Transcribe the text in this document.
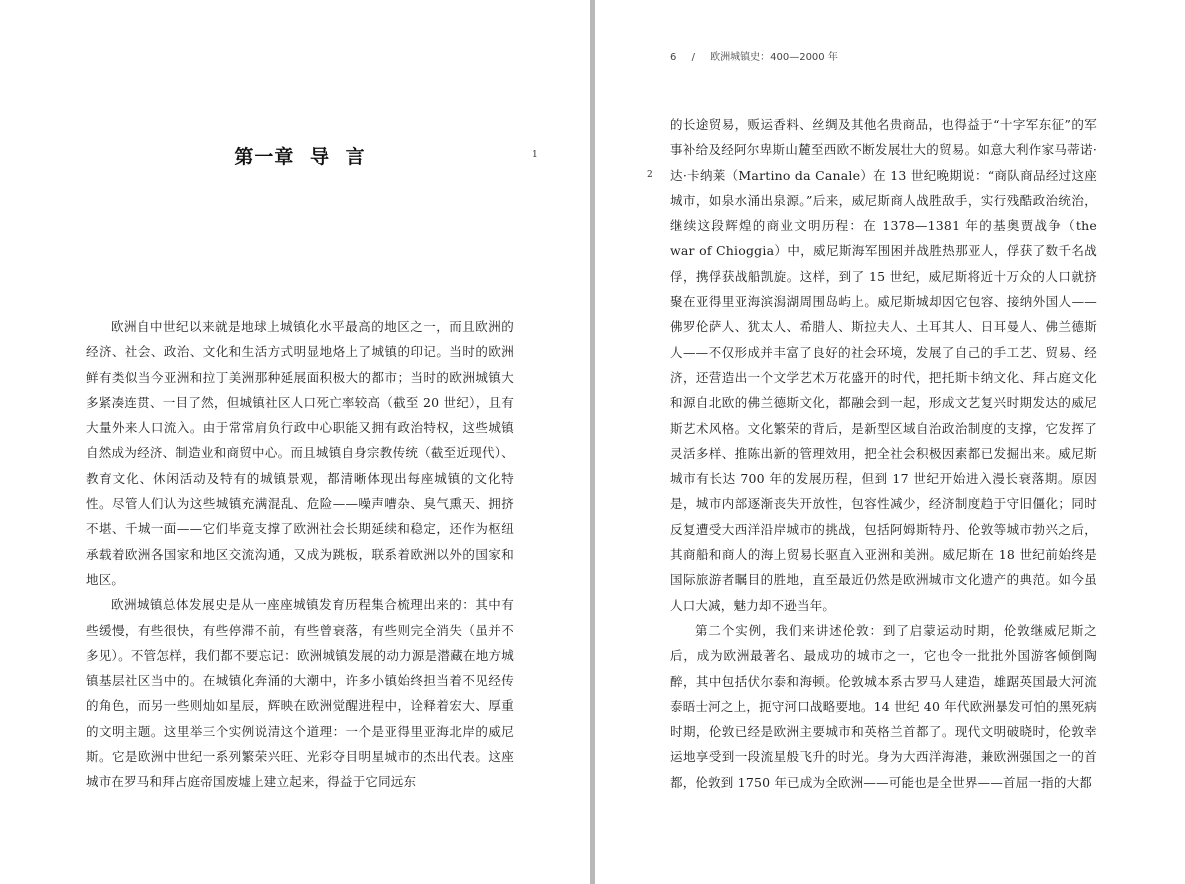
第一章 导 言	1

欧洲自中世纪以来就是地球上城镇化水平最高的地区之一，而且欧洲的经济、社会、政治、文化和生活方式明显地烙上了城镇的印记。当时的欧洲鲜有类似当今亚洲和拉丁美洲那种延展面积极大的都市；当时的欧洲城镇大多紧凑连贯、一目了然，但城镇社区人口死亡率较高（截至 20 世纪），且有大量外来人口流入。由于常常肩负行政中心职能又拥有政治特权，这些城镇自然成为经济、制造业和商贸中心。而且城镇自身宗教传统（截至近现代）、教育文化、休闲活动及特有的城镇景观，都清晰体现出每座城镇的文化特性。尽管人们认为这些城镇充满混乱、危险——噪声嘈杂、臭气熏天、拥挤不堪、千城一面——它们毕竟支撑了欧洲社会长期延续和稳定，还作为枢纽承载着欧洲各国家和地区交流沟通，又成为跳板，联系着欧洲以外的国家和地区。

欧洲城镇总体发展史是从一座座城镇发育历程集合梳理出来的：其中有些缓慢，有些很快，有些停滞不前，有些曾衰落，有些则完全消失（虽并不多见）。不管怎样，我们都不要忘记：欧洲城镇发展的动力源是潜藏在地方城镇基层社区当中的。在城镇化奔涌的大潮中，许多小镇始终担当着不见经传的角色，而另一些则灿如星辰，辉映在欧洲觉醒进程中，诠释着宏大、厚重的文明主题。这里举三个实例说清这个道理：一个是亚得里亚海北岸的威尼斯。它是欧洲中世纪一系列繁荣兴旺、光彩夺目明星城市的杰出代表。这座城市在罗马和拜占庭帝国废墟上建立起来，得益于它同远东

6 / 欧洲城镇史：400—2000 年
2

的长途贸易，贩运香料、丝绸及其他名贵商品，也得益于“十字军东征”的军事补给及经阿尔卑斯山麓至西欧不断发展壮大的贸易。如意大利作家马蒂诺·达·卡纳莱（Martino da Canale）在 13 世纪晚期说：“商队商品经过这座城市，如泉水涌出泉源。”后来，威尼斯商人战胜敌手，实行残酷政治统治，继续这段辉煌的商业文明历程：在 1378—1381 年的基奥贾战争（the war of Chioggia）中，威尼斯海军围困并战胜热那亚人，俘获了数千名战俘，携俘获战船凯旋。这样，到了 15 世纪，威尼斯将近十万众的人口就挤聚在亚得里亚海滨潟湖周围岛屿上。威尼斯城却因它包容、接纳外国人——佛罗伦萨人、犹太人、希腊人、斯拉夫人、土耳其人、日耳曼人、佛兰德斯人——不仅形成并丰富了良好的社会环境，发展了自己的手工艺、贸易、经济，还营造出一个文学艺术万花盛开的时代，把托斯卡纳文化、拜占庭文化和源自北欧的佛兰德斯文化，都融会到一起，形成文艺复兴时期发达的威尼斯艺术风格。文化繁荣的背后，是新型区域自治政治制度的支撑，它发挥了灵活多样、推陈出新的管理效用，把全社会积极因素都已发掘出来。威尼斯城市有长达 700 年的发展历程，但到 17 世纪开始进入漫长衰落期。原因是，城市内部逐渐丧失开放性，包容性减少，经济制度趋于守旧僵化；同时反复遭受大西洋沿岸城市的挑战，包括阿姆斯特丹、伦敦等城市勃兴之后，其商船和商人的海上贸易长驱直入亚洲和美洲。威尼斯在 18 世纪前始终是国际旅游者瞩目的胜地，直至最近仍然是欧洲城市文化遗产的典范。如今虽人口大减，魅力却不逊当年。

第二个实例，我们来讲述伦敦：到了启蒙运动时期，伦敦继威尼斯之后，成为欧洲最著名、最成功的城市之一，它也令一批批外国游客倾倒陶醉，其中包括伏尔泰和海顿。伦敦城本系古罗马人建造，雄踞英国最大河流泰晤士河之上，扼守河口战略要地。14 世纪 40 年代欧洲暴发可怕的黑死病时期，伦敦已经是欧洲主要城市和英格兰首都了。现代文明破晓时，伦敦幸运地享受到一段流星般飞升的时光。身为大西洋海港，兼欧洲强国之一的首都，伦敦到 1750 年已成为全欧洲——可能也是全世界——首屈一指的大都
